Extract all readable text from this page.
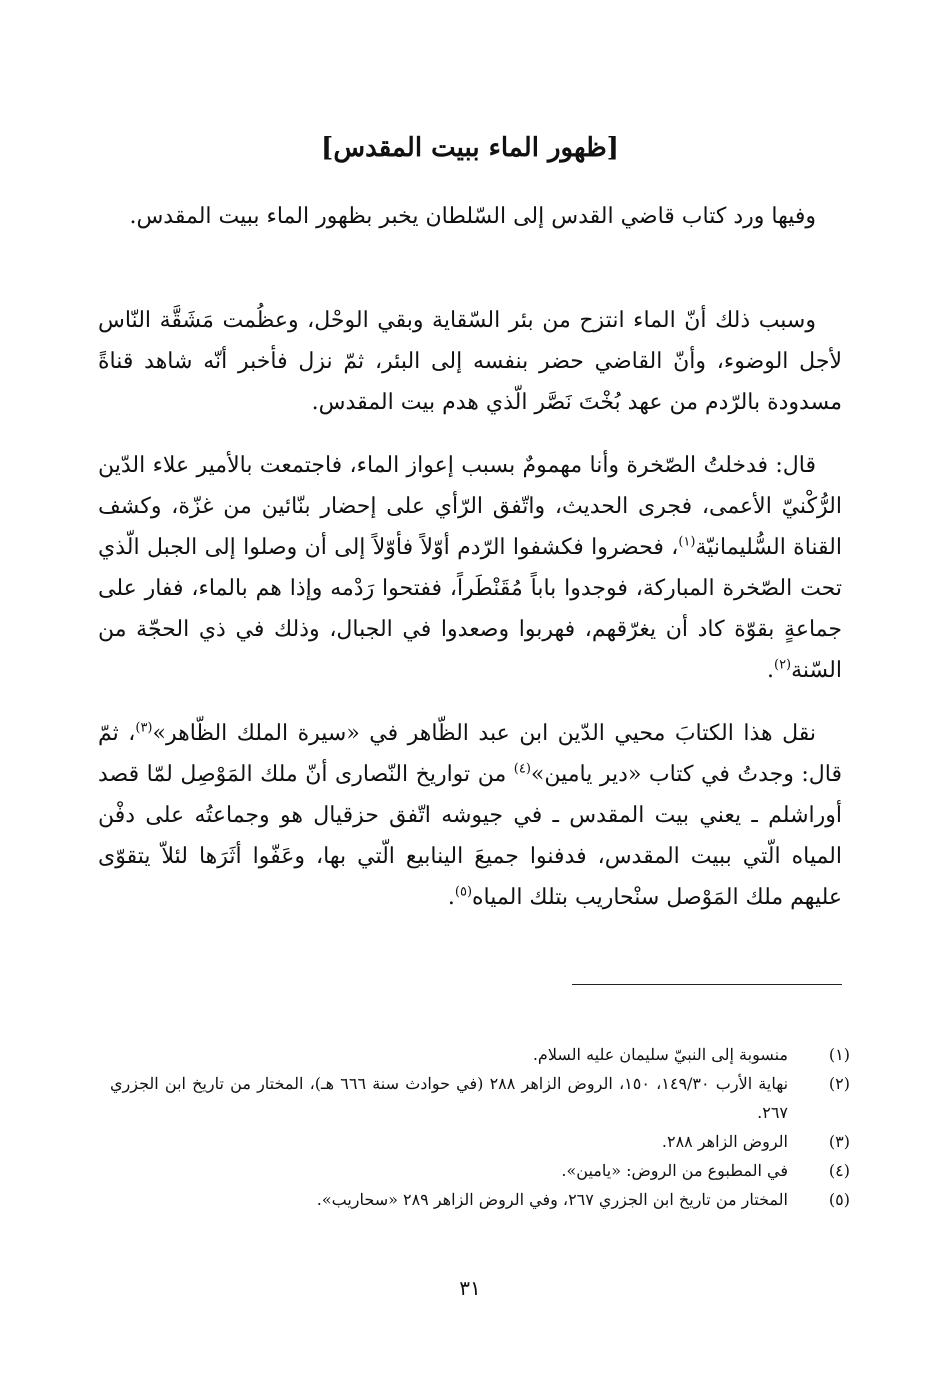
[ظهور الماء ببيت المقدس]

وفيها ورد كتاب قاضي القدس إلى السّلطان يخبر بظهور الماء ببيت المقدس.

وسبب ذلك أنّ الماء انتزح من بئر السّقاية وبقي الوحْل، وعظُمت مَشَقَّة النّاس لأجل الوضوء، وأنّ القاضي حضر بنفسه إلى البئر، ثمّ نزل فأخبر أنّه شاهد قناةً مسدودة بالرّدم من عهد بُخْتَ نَصَّر الّذي هدم بيت المقدس.

قال: فدخلتُ الصّخرة وأنا مهمومٌ بسبب إعواز الماء، فاجتمعت بالأمير علاء الدّين الرُّكْنيّ الأعمى، فجرى الحديث، واتّفق الرّأي على إحضار بنّائين من غزّة، وكشف القناة السُّليمانيّة$^{(١)}$، فحضروا فكشفوا الرّدم أوّلاً فأوّلاً إلى أن وصلوا إلى الجبل الّذي تحت الصّخرة المباركة، فوجدوا باباً مُقَنْطَراً، ففتحوا رَدْمه وإذا هم بالماء، ففار على جماعةٍ بقوّة كاد أن يغرّقهم، فهربوا وصعدوا في الجبال، وذلك في ذي الحجّة من السّنة$^{(٢)}$.

نقل هذا الكتابَ محيي الدّين ابن عبد الظّاهر في «سيرة الملك الظّاهر»$^{(٣)}$، ثمّ قال: وجدتُ في كتاب «دير يامين»$^{(٤)}$ من تواريخ النّصارى أنّ ملك المَوْصِل لمّا قصد أوراشلم ـ يعني بيت المقدس ـ في جيوشه اتّفق حزقيال هو وجماعتُه على دفْن المياه الّتي ببيت المقدس، فدفنوا جميعَ الينابيع الّتي بها، وعَفّوا أثَرَها لئلاّ يتقوّى عليهم ملك المَوْصل سنْحاريب بتلك المياه$^{(٥)}$.

(١)
منسوبة إلى النبيّ سليمان عليه السلام.
(٢)
نهاية الأرب ١٤٩/٣٠، ١٥٠، الروض الزاهر ٢٨٨ (في حوادث سنة ٦٦٦ هـ)، المختار من تاريخ ابن الجزري ٢٦٧.
(٣)
الروض الزاهر ٢٨٨.
(٤)
في المطبوع من الروض: «يامين».
(٥)
المختار من تاريخ ابن الجزري ٢٦٧، وفي الروض الزاهر ٢٨٩ «سحاريب».
٣١
